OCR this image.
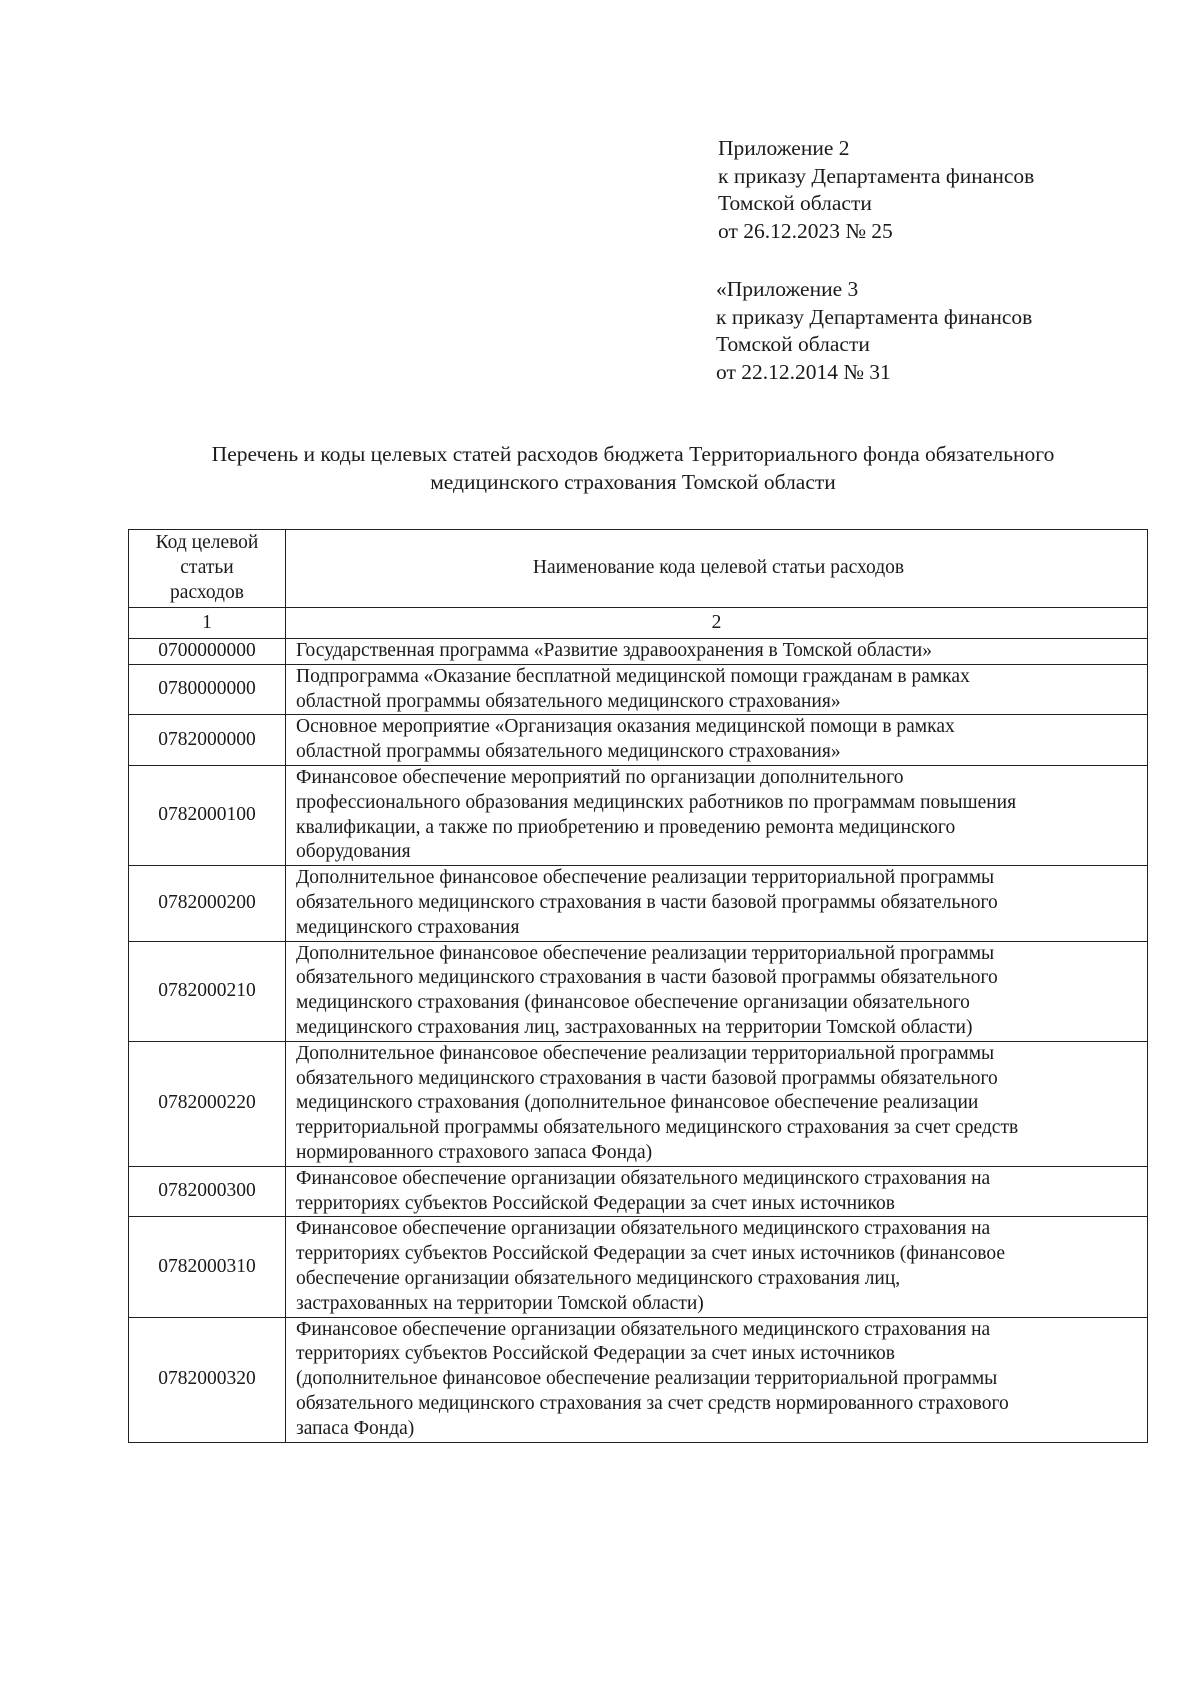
Приложение 2
к приказу Департамента финансов
Томской области
от 26.12.2023 № 25
«Приложение 3
к приказу Департамента финансов
Томской области
от 22.12.2014 № 31
Перечень и коды целевых статей расходов бюджета Территориального фонда обязательного
медицинского страхования Томской области
Код целевой
статьи
расходов	Наименование кода целевой статьи расходов
1	2
0700000000	Государственная программа «Развитие здравоохранения в Томской области»

0780000000	Подпрограмма «Оказание бесплатной медицинской помощи гражданам в рамках
областной программы обязательного медицинского страхования»

0782000000	Основное мероприятие «Организация оказания медицинской помощи в рамках
областной программы обязательного медицинского страхования»

0782000100	Финансовое обеспечение мероприятий по организации дополнительного
профессионального образования медицинских работников по программам повышения
квалификации, а также по приобретению и проведению ремонта медицинского
оборудования

0782000200	Дополнительное финансовое обеспечение реализации территориальной программы
обязательного медицинского страхования в части базовой программы обязательного
медицинского страхования

0782000210	Дополнительное финансовое обеспечение реализации территориальной программы
обязательного медицинского страхования в части базовой программы обязательного
медицинского страхования (финансовое обеспечение организации обязательного
медицинского страхования лиц, застрахованных на территории Томской области)

0782000220	Дополнительное финансовое обеспечение реализации территориальной программы
обязательного медицинского страхования в части базовой программы обязательного
медицинского страхования (дополнительное финансовое обеспечение реализации
территориальной программы обязательного медицинского страхования за счет средств
нормированного страхового запаса Фонда)

0782000300	Финансовое обеспечение организации обязательного медицинского страхования на
территориях субъектов Российской Федерации за счет иных источников

0782000310	Финансовое обеспечение организации обязательного медицинского страхования на
территориях субъектов Российской Федерации за счет иных источников (финансовое
обеспечение организации обязательного медицинского страхования лиц,
застрахованных на территории Томской области)

0782000320	Финансовое обеспечение организации обязательного медицинского страхования на
территориях субъектов Российской Федерации за счет иных источников
(дополнительное финансовое обеспечение реализации территориальной программы
обязательного медицинского страхования за счет средств нормированного страхового
запаса Фонда)
